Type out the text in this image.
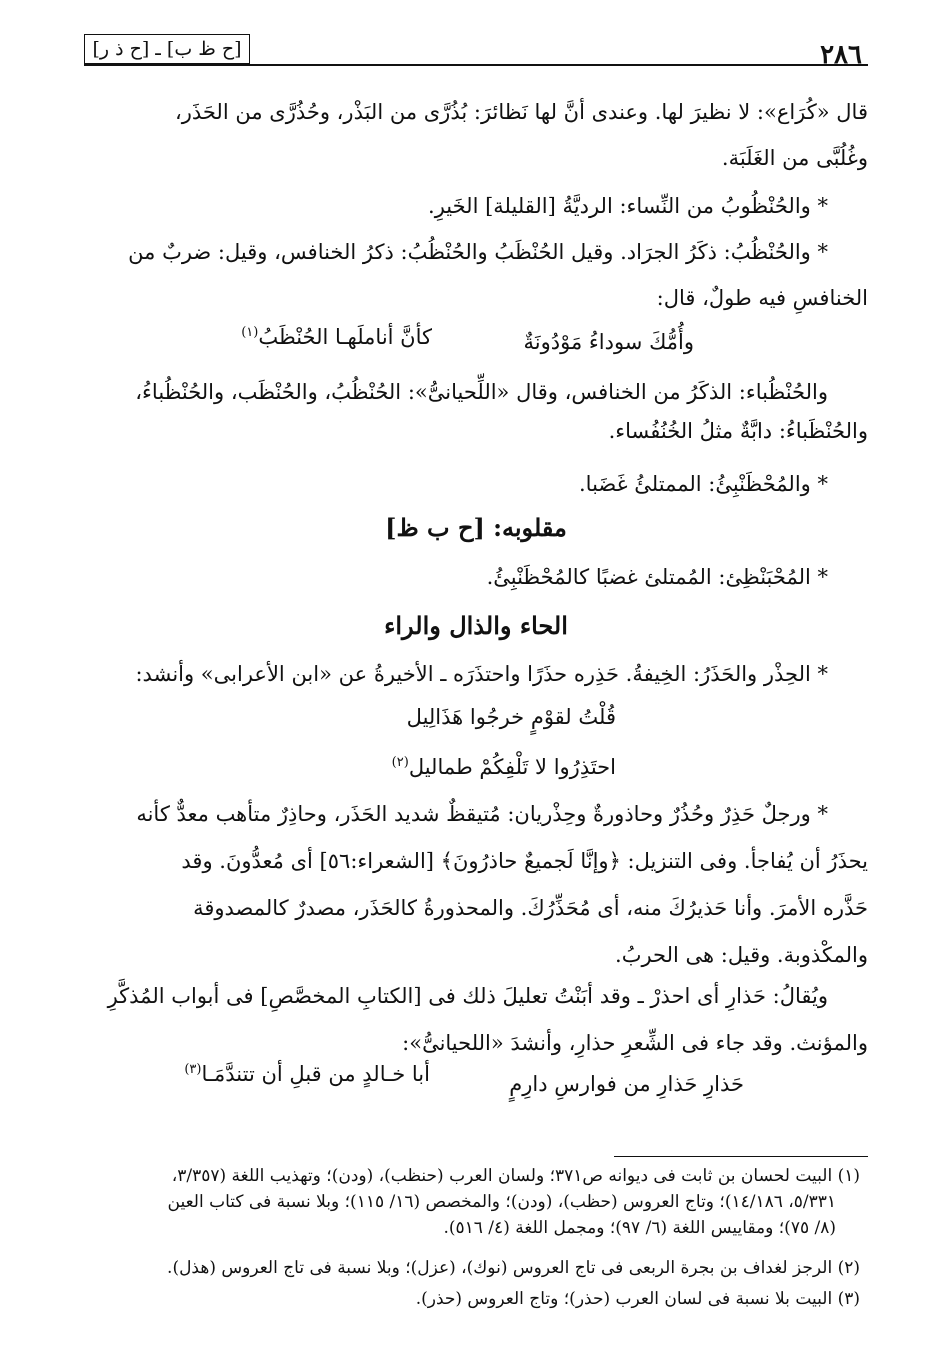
٢٨٦
[ح ظ ب] ـ [ح ذ ر]
قال «كُرَاع»: لا نظيرَ لها. وعندى أنَّ لها نَظائرَ: بُذُرَّى من البَذْر، وحُذُرَّى من الحَذَر،
وغُلُبَّى من الغَلَبَة.
* والحُنْظُوبُ من النِّساء: الرديَّةُ [القليلة] الخَيرِ.
* والحُنْظُبُ: ذكَرُ الجرَاد. وقيل الحُنْظَبُ والحُنْظُبُ: ذكرُ الخنافس، وقيل: ضربٌ من
الخنافسِ فيه طولٌ، قال:
وأُمُّكَ سوداءُ مَوْدُونَةٌ
كأنَّ أناملَهـا الحُنْظَبُ$^{(١)}$
والحُنْظُباء: الذكَرُ من الخنافس، وقال «اللِّحيانىُّ»: الحُنْظُبُ، والحُنْظَب، والحُنْظُباءُ،
والحُنْظَباءُ: دابَّةٌ مثلُ الخُنُفُساء.
* والمُحْظَنْبِئُ: الممتلئُ غَضَبا.
مقلوبه: [ح ب ظ]
* المُحْبَنْظِئ: المُمتلئ غضبًا كالمُحْظَنْبِئُ.
الحاء والذال والراء
* الحِذْر والحَذَرُ: الخِيفةُ. حَذِره حذَرًا واحتذَرَه ـ الأخيرةُ عن «ابن الأعرابى» وأنشد:
قُلْتُ لقوْمٍ خرجُوا هَذَالِيل
احتَذِرُوا لا تَلْفِكُمْ طماليل$^{(٢)}$
* ورجلٌ حَذِرٌ وحُذُرٌ وحاذورةٌ وحِذْريان: مُتيقظٌ شديد الحَذَر، وحاذِرٌ متأهب معدٌّ كأنه
يحذَرُ أن يُفاجأ. وفى التنزيل: ﴿وإنَّا لَجميعٌ حاذرُونَ﴾ [الشعراء:٥٦] أى مُعدُّونَ. وقد
حَذَّره الأمرَ. وأنا حَذيرُكَ منه، أى مُحَذِّرُكَ. والمحذورةُ كالحَذَر، مصدرٌ كالمصدوقة
والمكْذوبة. وقيل: هى الحربُ.
ويُقالُ: حَذارِ أى احذرْ ـ وقد أبَنْتُ تعليلَ ذلك فى [الكتابِ المخصَّصِ] فى أبواب المُذكَّرِ
والمؤنث. وقد جاء فى الشِّعرِ حذارِ، وأنشدَ «اللحيانىُّ»:
حَذارِ حَذارِ من فوارسِ دارِمٍ
أبا خـالدٍ من قبلِ أن تتندَّمَـا$^{(٣)}$
(١) البيت لحسان بن ثابت فى ديوانه ص٣٧١؛ ولسان العرب (حنظب)، (ودن)؛ وتهذيب اللغة (٣/٣٥٧،
٥/٣٣١، ١٤/١٨٦)؛ وتاج العروس (حظب)، (ودن)؛ والمخصص (١٦/ ١١٥)؛ وبلا نسبة فى كتاب العين
(٨/ ٧٥)؛ ومقاييس اللغة (٦/ ٩٧)؛ ومجمل اللغة (٤/ ٥١٦).
(٢) الرجز لغداف بن بجرة الربعى فى تاج العروس (نوك)، (عزل)؛ وبلا نسبة فى تاج العروس (هذل).
(٣) البيت بلا نسبة فى لسان العرب (حذر)؛ وتاج العروس (حذر).
